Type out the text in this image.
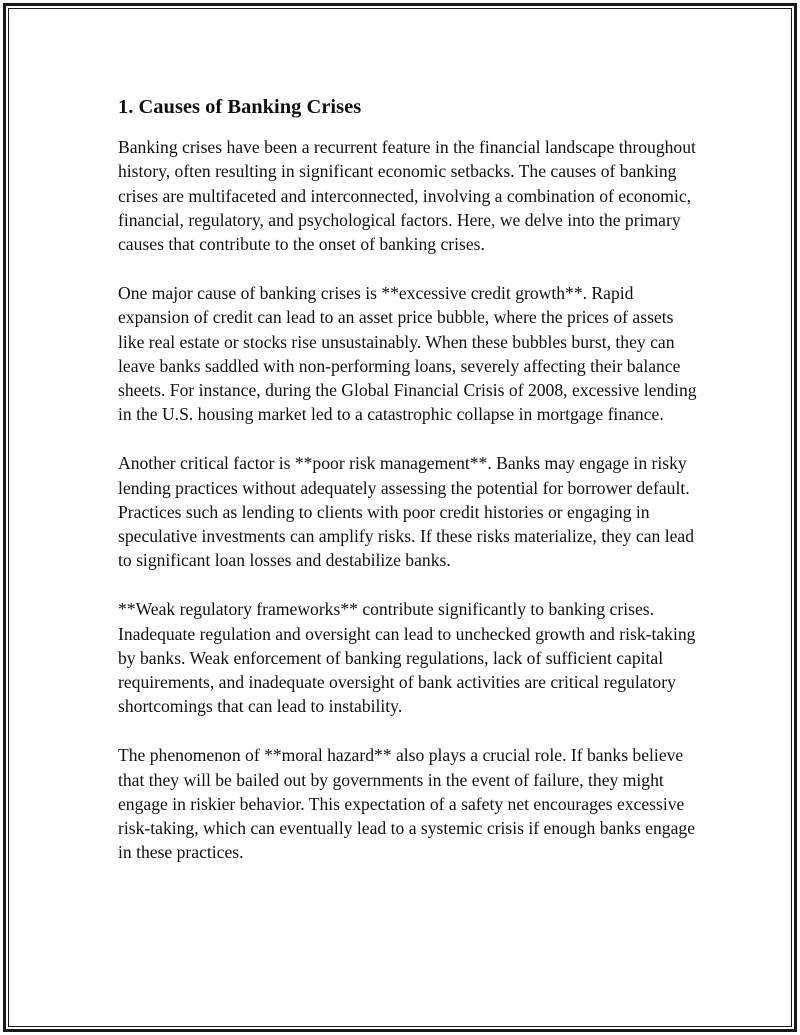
1. Causes of Banking Crises

Banking crises have been a recurrent feature in the financial landscape throughout history, often resulting in significant economic setbacks. The causes of banking crises are multifaceted and interconnected, involving a combination of economic, financial, regulatory, and psychological factors. Here, we delve into the primary causes that contribute to the onset of banking crises.

One major cause of banking crises is **excessive credit growth**. Rapid expansion of credit can lead to an asset price bubble, where the prices of assets like real estate or stocks rise unsustainably. When these bubbles burst, they can leave banks saddled with non-performing loans, severely affecting their balance sheets. For instance, during the Global Financial Crisis of 2008, excessive lending in the U.S. housing market led to a catastrophic collapse in mortgage finance.

Another critical factor is **poor risk management**. Banks may engage in risky lending practices without adequately assessing the potential for borrower default. Practices such as lending to clients with poor credit histories or engaging in speculative investments can amplify risks. If these risks materialize, they can lead to significant loan losses and destabilize banks.

**Weak regulatory frameworks** contribute significantly to banking crises. Inadequate regulation and oversight can lead to unchecked growth and risk-taking by banks. Weak enforcement of banking regulations, lack of sufficient capital requirements, and inadequate oversight of bank activities are critical regulatory shortcomings that can lead to instability.

The phenomenon of **moral hazard** also plays a crucial role. If banks believe that they will be bailed out by governments in the event of failure, they might engage in riskier behavior. This expectation of a safety net encourages excessive risk-taking, which can eventually lead to a systemic crisis if enough banks engage in these practices.
